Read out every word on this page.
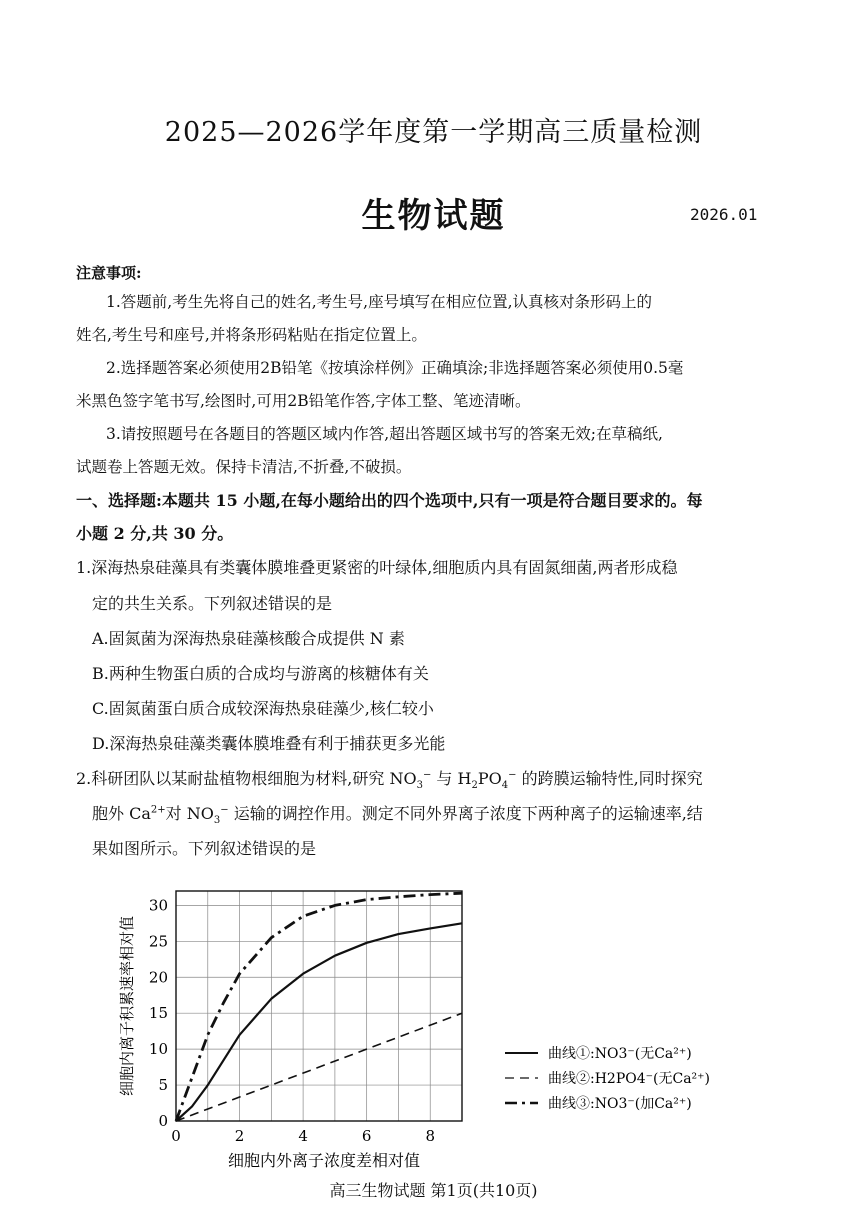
2025—2026学年度第一学期高三质量检测
生物试题	2026.01
注意事项:
1.答题前,考生先将自己的姓名,考生号,座号填写在相应位置,认真核对条形码上的
姓名,考生号和座号,并将条形码粘贴在指定位置上。
2.选择题答案必须使用2B铅笔《按填涂样例》正确填涂;非选择题答案必须使用0.5毫
米黑色签字笔书写,绘图时,可用2B铅笔作答,字体工整、笔迹清晰。
3.请按照题号在各题目的答题区域内作答,超出答题区域书写的答案无效;在草稿纸,
试题卷上答题无效。保持卡清洁,不折叠,不破损。
一、选择题:本题共 15 小题,在每小题给出的四个选项中,只有一项是符合题目要求的。每
小题 2 分,共 30 分。
1.深海热泉硅藻具有类囊体膜堆叠更紧密的叶绿体,细胞质内具有固氮细菌,两者形成稳
定的共生关系。下列叙述错误的是
A.固氮菌为深海热泉硅藻核酸合成提供 N 素
B.两种生物蛋白质的合成均与游离的核糖体有关
C.固氮菌蛋白质合成较深海热泉硅藻少,核仁较小
D.深海热泉硅藻类囊体膜堆叠有利于捕获更多光能
2.科研团队以某耐盐植物根细胞为材料,研究 $NO_3^-$ 与 $H_2PO_4^-$ 的跨膜运输特性,同时探究
胞外 $Ca^{2+}$对 $NO_3^-$ 运输的调控作用。测定不同外界离子浓度下两种离子的运输速率,结
果如图所示。下列叙述错误的是
0	2	4	6	8
0
5
10
15
20
25
30
细胞内外离子浓度差相对值
细胞内离子积累速率相对值	曲线①:NO3⁻(无Ca²⁺)
曲线②:H2PO4⁻(无Ca²⁺)
曲线③:NO3⁻(加Ca²⁺)
高三生物试题 第1页(共10页)
